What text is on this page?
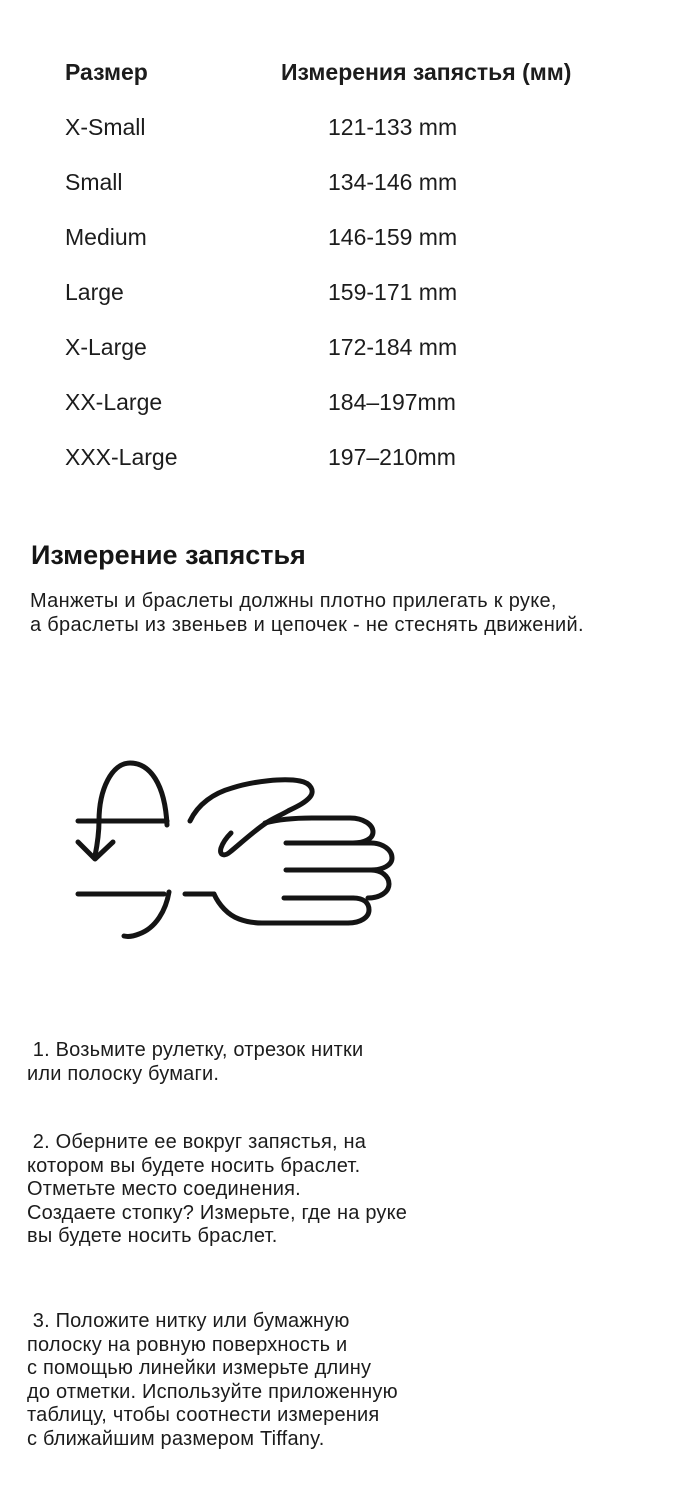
Размер	Измерения запястья (мм)
X-Small	121-133 mm
Small	134-146 mm
Medium	146-159 mm
Large	159-171 mm
X-Large	172-184 mm
XX-Large	184–197mm
XXX-Large	197–210mm
Измерение запястья
Манжеты и браслеты должны плотно прилегать к руке,
а браслеты из звеньев и цепочек - не стеснять движений.
1. Возьмите рулетку, отрезок нитки
или полоску бумаги.
2. Оберните ее вокруг запястья, на
котором вы будете носить браслет.
Отметьте место соединения.
Создаете стопку? Измерьте, где на руке
вы будете носить браслет.
3. Положите нитку или бумажную
полоску на ровную поверхность и
с помощью линейки измерьте длину
до отметки. Используйте приложенную
таблицу, чтобы соотнести измерения
с ближайшим размером Tiffany.
